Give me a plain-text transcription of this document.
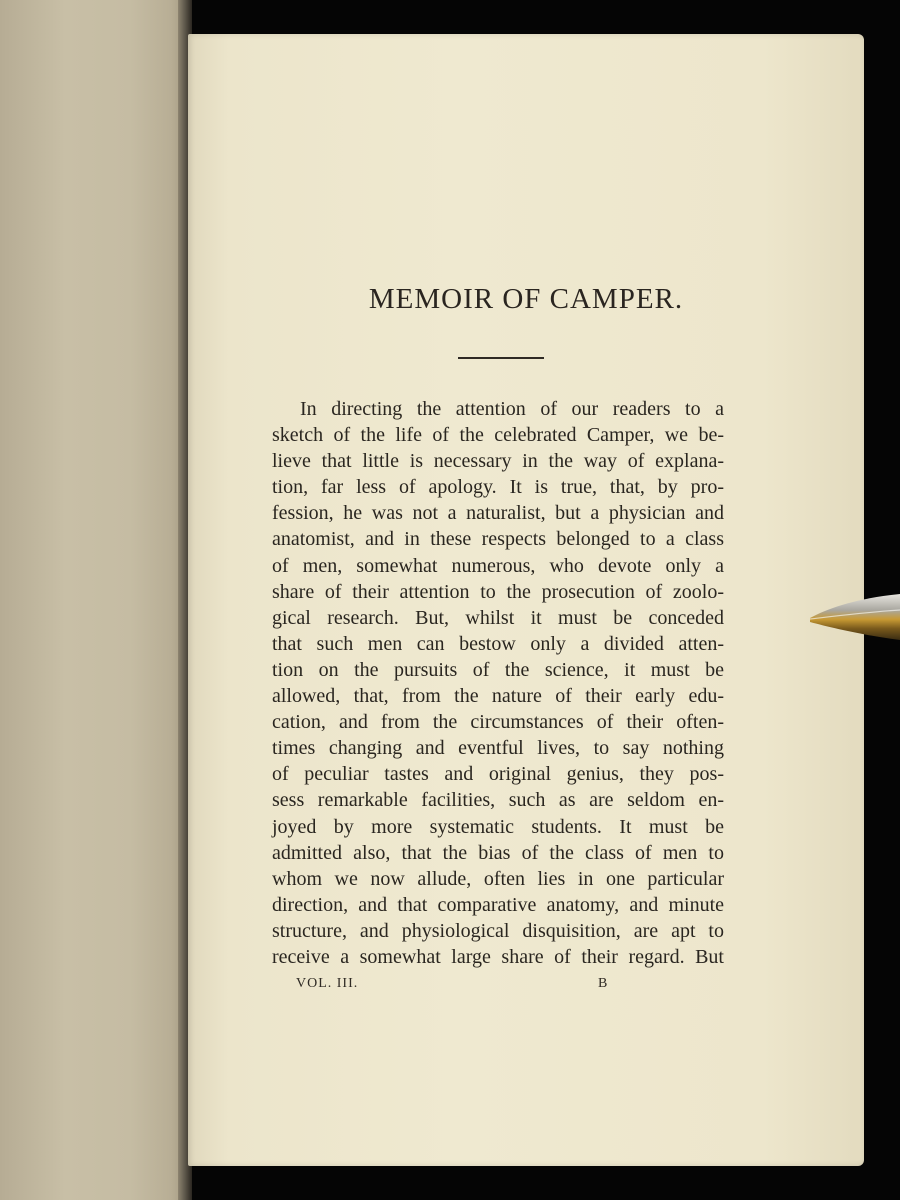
MEMOIR OF CAMPER.
In directing the attention of our readers to a
sketch of the life of the celebrated Camper, we be-
lieve that little is necessary in the way of explana-
tion, far less of apology. It is true, that, by pro-
fession, he was not a naturalist, but a physician and
anatomist, and in these respects belonged to a class
of men, somewhat numerous, who devote only a
share of their attention to the prosecution of zoolo-
gical research. But, whilst it must be conceded
that such men can bestow only a divided atten-
tion on the pursuits of the science, it must be
allowed, that, from the nature of their early edu-
cation, and from the circumstances of their often-
times changing and eventful lives, to say nothing
of peculiar tastes and original genius, they pos-
sess remarkable facilities, such as are seldom en-
joyed by more systematic students. It must be
admitted also, that the bias of the class of men to
whom we now allude, often lies in one particular
direction, and that comparative anatomy, and minute
structure, and physiological disquisition, are apt to
receive a somewhat large share of their regard. But
VOL. III.	B
